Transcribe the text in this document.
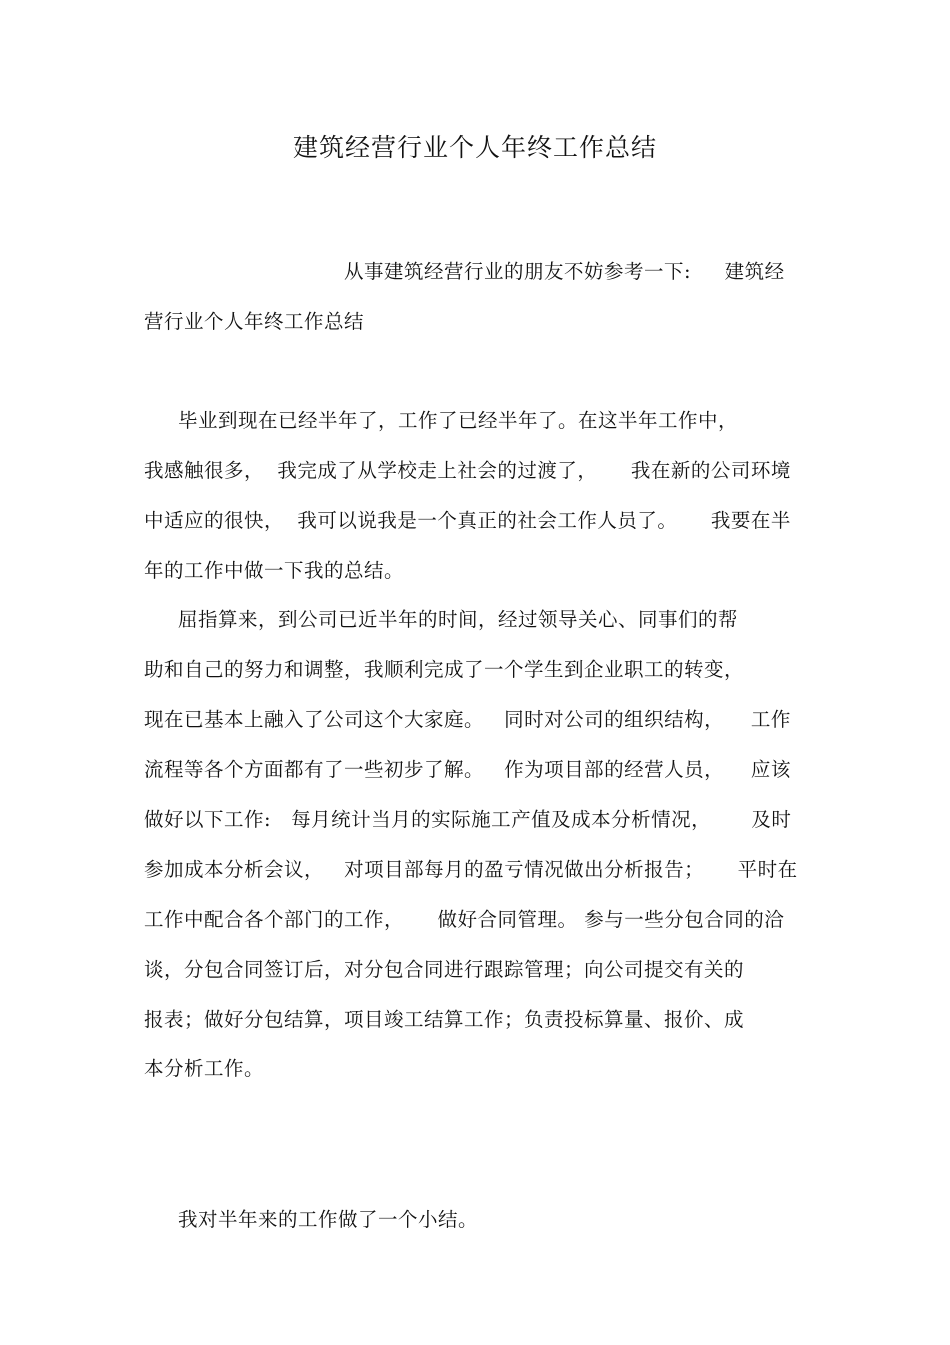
建筑经营行业个人年终工作总结
从事建筑经营行业的朋友不妨参考一下:     建筑经
营行业个人年终工作总结
毕业到现在已经半年了，工作了已经半年了。在这半年工作中，
我感触很多，  我完成了从学校走上社会的过渡了，     我在新的公司环境
中适应的很快，  我可以说我是一个真正的社会工作人员了。     我要在半
年的工作中做一下我的总结。
屈指算来，到公司已近半年的时间，经过领导关心、同事们的帮
助和自己的努力和调整，我顺利完成了一个学生到企业职工的转变，
现在已基本上融入了公司这个大家庭。   同时对公司的组织结构，    工作
流程等各个方面都有了一些初步了解。   作为项目部的经营人员，    应该
做好以下工作:   每月统计当月的实际施工产值及成本分析情况，      及时
参加成本分析会议，   对项目部每月的盈亏情况做出分析报告；     平时在
工作中配合各个部门的工作，     做好合同管理。 参与一些分包合同的洽
谈，分包合同签订后，对分包合同进行跟踪管理；向公司提交有关的
报表；做好分包结算，项目竣工结算工作；负责投标算量、报价、成
本分析工作。
我对半年来的工作做了一个小结。
